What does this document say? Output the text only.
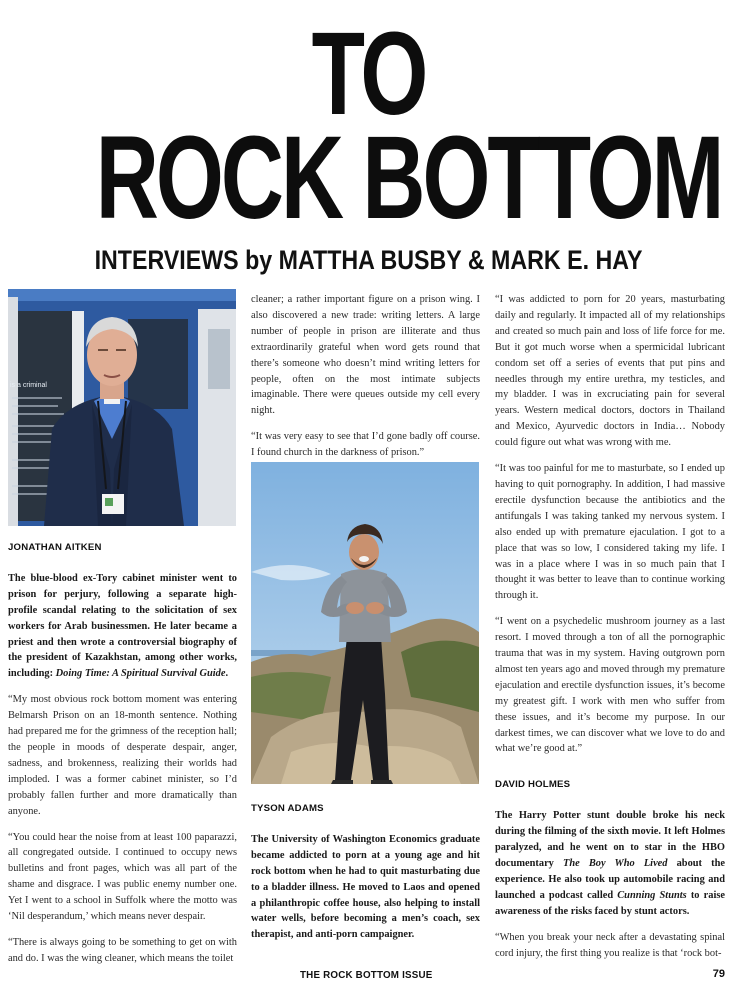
TO
ROCK BOTTOM
INTERVIEWS by MATTHA BUSBY & MARK E. HAY
is a criminal
JONATHAN AITKEN

The blue-blood ex-Tory cabinet minister went to prison for perjury, following a separate high-profile scandal relating to the solicitation of sex workers for Arab businessmen. He later became a priest and then wrote a controversial biography of the president of Kazakhstan, among other works, including: Doing Time: A Spiritual Survival Guide.

“My most obvious rock bottom moment was entering Belmarsh Prison on an 18-month sentence. Nothing had prepared me for the grimness of the reception hall; the people in moods of desperate despair, anger, sadness, and brokenness, realizing their worlds had imploded. I was a former cabinet minister, so I’d probably fallen further and more dramatically than anyone.

“You could hear the noise from at least 100 paparazzi, all congregated outside. I continued to occupy news bulletins and front pages, which was all part of the shame and disgrace. I was public enemy number one. Yet I went to a school in Suffolk where the motto was ‘Nil desperandum,’ which means never despair.

“There is always going to be something to get on with and do. I was the wing cleaner, which means the toilet

cleaner; a rather important figure on a prison wing. I also discovered a new trade: writing letters. A large number of people in prison are illiterate and thus extraordinarily grateful when word gets round that there’s someone who doesn’t mind writing letters for people, often on the most intimate subjects imaginable. There were queues outside my cell every night.

“It was very easy to see that I’d gone badly off course. I found church in the darkness of prison.”

TYSON ADAMS

The University of Washington Economics graduate became addicted to porn at a young age and hit rock bottom when he had to quit masturbating due to a bladder illness. He moved to Laos and opened a philanthropic coffee house, also helping to install water wells, before becoming a men’s coach, sex therapist, and anti-porn campaigner.

“I was addicted to porn for 20 years, masturbating daily and regularly. It impacted all of my relationships and created so much pain and loss of life force for me. But it got much worse when a spermicidal lubricant condom set off a series of events that put pins and needles through my entire urethra, my testicles, and my bladder. I was in excruciating pain for several years. Western medical doctors, doctors in Thailand and Mexico, Ayurvedic doctors in India… Nobody could figure out what was wrong with me.

“It was too painful for me to masturbate, so I ended up having to quit pornography. In addition, I had massive erectile dysfunction because the antibiotics and the antifungals I was taking tanked my nervous system. I also ended up with premature ejaculation. I got to a place that was so low, I considered taking my life. I was in a place where I was in so much pain that I thought it was better to leave than to continue working through it.

“I went on a psychedelic mushroom journey as a last resort. I moved through a ton of all the pornographic trauma that was in my system. Having outgrown porn almost ten years ago and moved through my premature ejaculation and erectile dysfunction issues, it’s become my greatest gift. I work with men who suffer from these issues, and it’s become my purpose. In our darkest times, we can discover what we love to do and what we’re good at.”

DAVID HOLMES

The Harry Potter stunt double broke his neck during the filming of the sixth movie. It left Holmes paralyzed, and he went on to star in the HBO documentary The Boy Who Lived about the experience. He also took up automobile racing and launched a podcast called Cunning Stunts to raise awareness of the risks faced by stunt actors.

“When you break your neck after a devastating spinal cord injury, the first thing you realize is that ‘rock bot-

THE ROCK BOTTOM ISSUE	79
